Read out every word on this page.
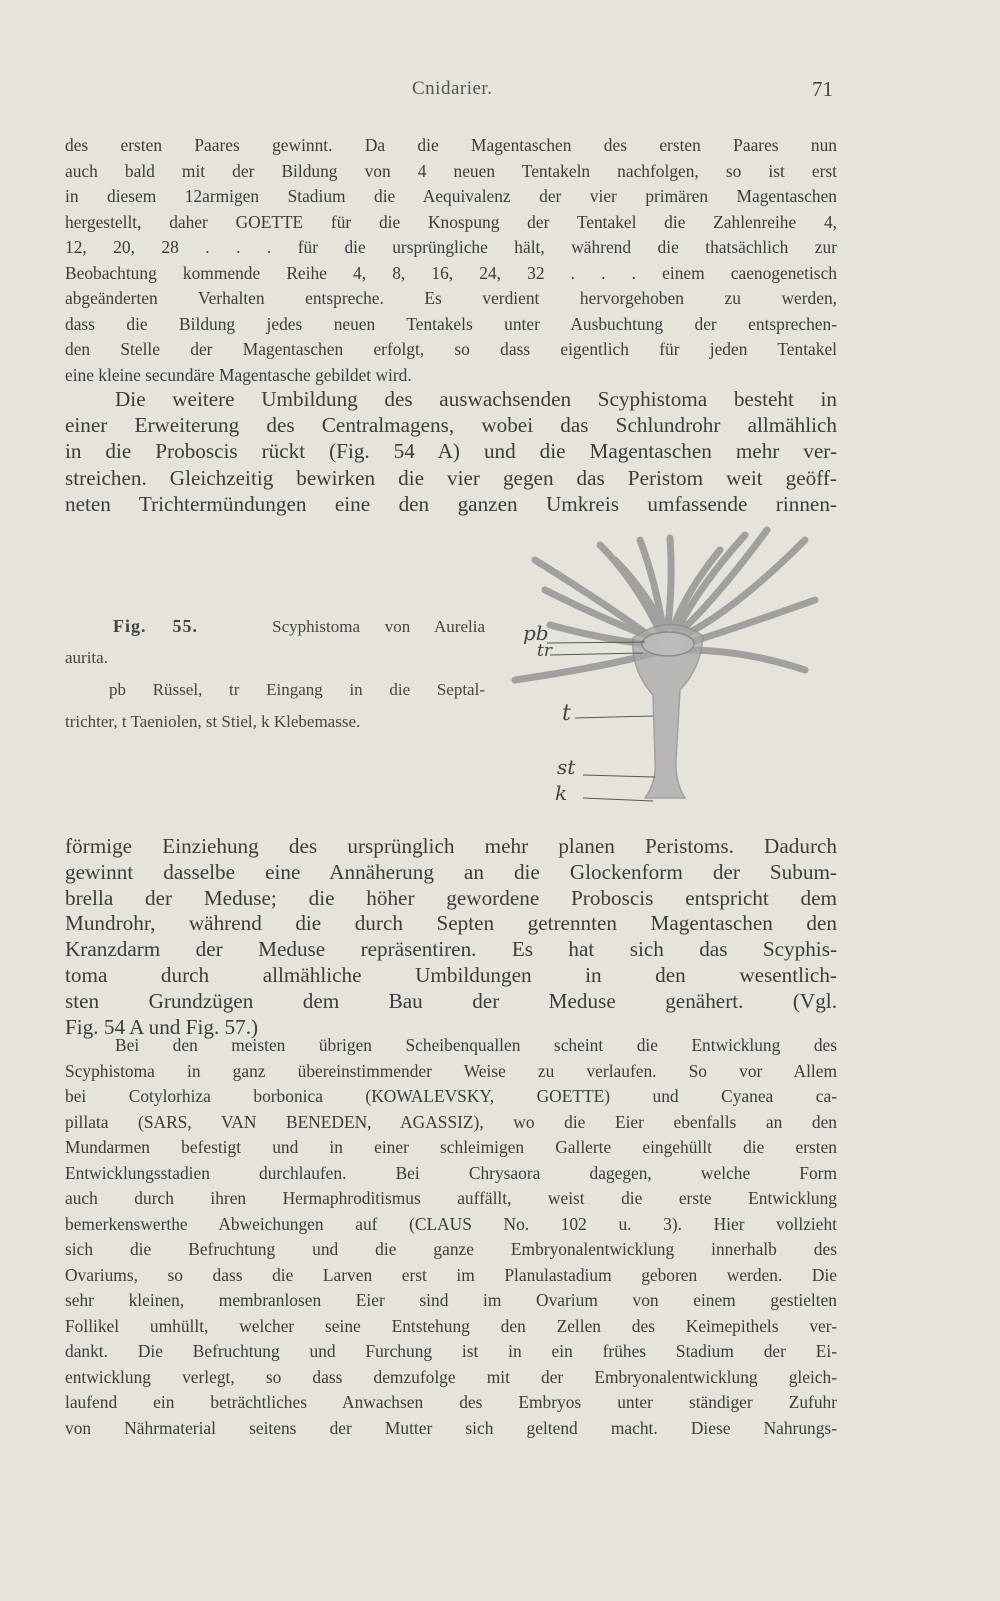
Cnidarier.	71
des ersten Paares gewinnt. Da die Magentaschen des ersten Paares nun
auch bald mit der Bildung von 4 neuen Tentakeln nachfolgen, so ist erst
in diesem 12armigen Stadium die Aequivalenz der vier primären Magentaschen
hergestellt, daher GOETTE für die Knospung der Tentakel die Zahlenreihe 4,
12, 20, 28 . . . für die ursprüngliche hält, während die thatsächlich zur
Beobachtung kommende Reihe 4, 8, 16, 24, 32 . . . einem caenogenetisch
abgeänderten Verhalten entspreche. Es verdient hervorgehoben zu werden,
dass die Bildung jedes neuen Tentakels unter Ausbuchtung der entsprechen-
den Stelle der Magentaschen erfolgt, so dass eigentlich für jeden Tentakel
eine kleine secundäre Magentasche gebildet wird.
Die weitere Umbildung des auswachsenden Scyphistoma besteht in
einer Erweiterung des Centralmagens, wobei das Schlundrohr allmählich
in die Proboscis rückt (Fig. 54 A) und die Magentaschen mehr ver-
streichen. Gleichzeitig bewirken die vier gegen das Peristom weit geöff-
neten Trichtermündungen eine den ganzen Umkreis umfassende rinnen-
Fig. 55.	Scyphistoma von Aurelia
aurita.
pb Rüssel, tr Eingang in die Septal-
trichter, t Taeniolen, st Stiel, k Klebemasse.
pb
tr
t
st
k
förmige Einziehung des ursprünglich mehr planen Peristoms. Dadurch
gewinnt dasselbe eine Annäherung an die Glockenform der Subum-
brella der Meduse; die höher gewordene Proboscis entspricht dem
Mundrohr, während die durch Septen getrennten Magentaschen den
Kranzdarm der Meduse repräsentiren. Es hat sich das Scyphis-
toma durch allmähliche Umbildungen in den wesentlich-
sten Grundzügen dem Bau der Meduse genähert. (Vgl.
Fig. 54 A und Fig. 57.)
Bei den meisten übrigen Scheibenquallen scheint die Entwicklung des
Scyphistoma in ganz übereinstimmender Weise zu verlaufen. So vor Allem
bei Cotylorhiza borbonica (KOWALEVSKY, GOETTE) und Cyanea ca-
pillata (SARS, VAN BENEDEN, AGASSIZ), wo die Eier ebenfalls an den
Mundarmen befestigt und in einer schleimigen Gallerte eingehüllt die ersten
Entwicklungsstadien durchlaufen. Bei Chrysaora dagegen, welche Form
auch durch ihren Hermaphroditismus auffällt, weist die erste Entwicklung
bemerkenswerthe Abweichungen auf (CLAUS No. 102 u. 3). Hier vollzieht
sich die Befruchtung und die ganze Embryonalentwicklung innerhalb des
Ovariums, so dass die Larven erst im Planulastadium geboren werden. Die
sehr kleinen, membranlosen Eier sind im Ovarium von einem gestielten
Follikel umhüllt, welcher seine Entstehung den Zellen des Keimepithels ver-
dankt. Die Befruchtung und Furchung ist in ein frühes Stadium der Ei-
entwicklung verlegt, so dass demzufolge mit der Embryonalentwicklung gleich-
laufend ein beträchtliches Anwachsen des Embryos unter ständiger Zufuhr
von Nährmaterial seitens der Mutter sich geltend macht. Diese Nahrungs-
